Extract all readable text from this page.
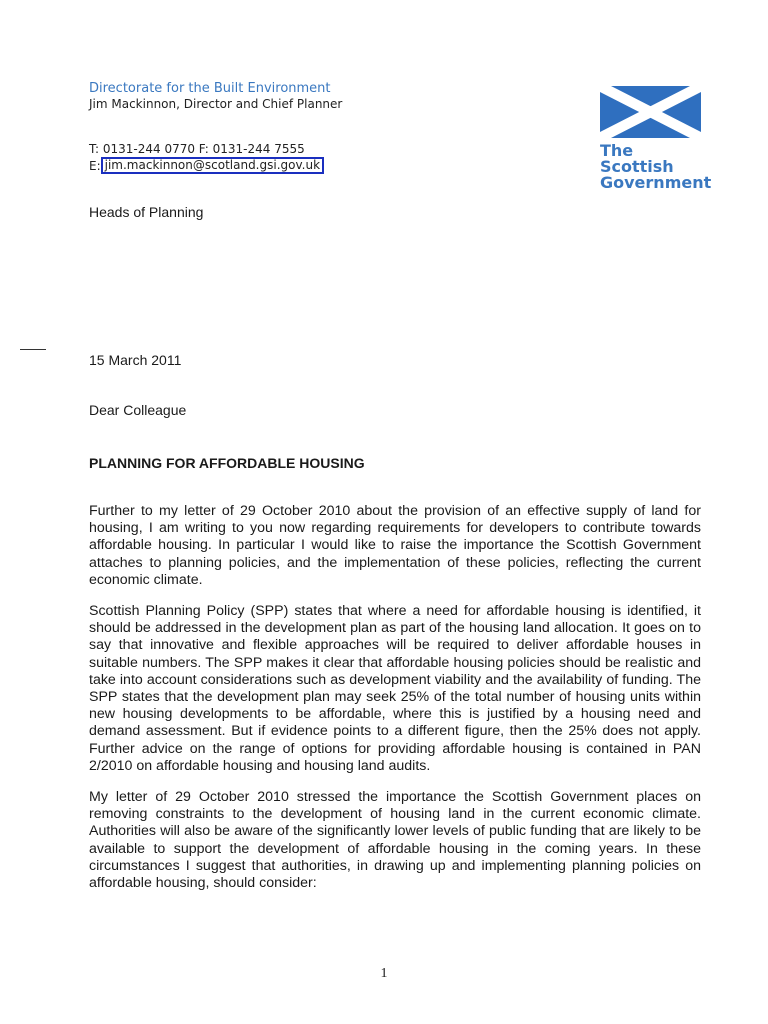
Directorate for the Built Environment
Jim Mackinnon, Director and Chief Planner
T: 0131-244 0770 F: 0131-244 7555
E: jim.mackinnon@scotland.gsi.gov.uk
The Scottish
Government
Heads of Planning
15 March 2011
Dear Colleague
PLANNING FOR AFFORDABLE HOUSING

Further to my letter of 29 October 2010 about the provision of an effective supply of land for housing, I am writing to you now regarding requirements for developers to contribute towards affordable housing. In particular I would like to raise the importance the Scottish Government attaches to planning policies, and the implementation of these policies, reflecting the current economic climate.

Scottish Planning Policy (SPP) states that where a need for affordable housing is identified, it should be addressed in the development plan as part of the housing land allocation. It goes on to say that innovative and flexible approaches will be required to deliver affordable houses in suitable numbers. The SPP makes it clear that affordable housing policies should be realistic and take into account considerations such as development viability and the availability of funding. The SPP states that the development plan may seek 25% of the total number of housing units within new housing developments to be affordable, where this is justified by a housing need and demand assessment. But if evidence points to a different figure, then the 25% does not apply. Further advice on the range of options for providing affordable housing is contained in PAN 2/2010 on affordable housing and housing land audits.

My letter of 29 October 2010 stressed the importance the Scottish Government places on removing constraints to the development of housing land in the current economic climate. Authorities will also be aware of the significantly lower levels of public funding that are likely to be available to support the development of affordable housing in the coming years. In these circumstances I suggest that authorities, in drawing up and implementing planning policies on affordable housing, should consider:

1
